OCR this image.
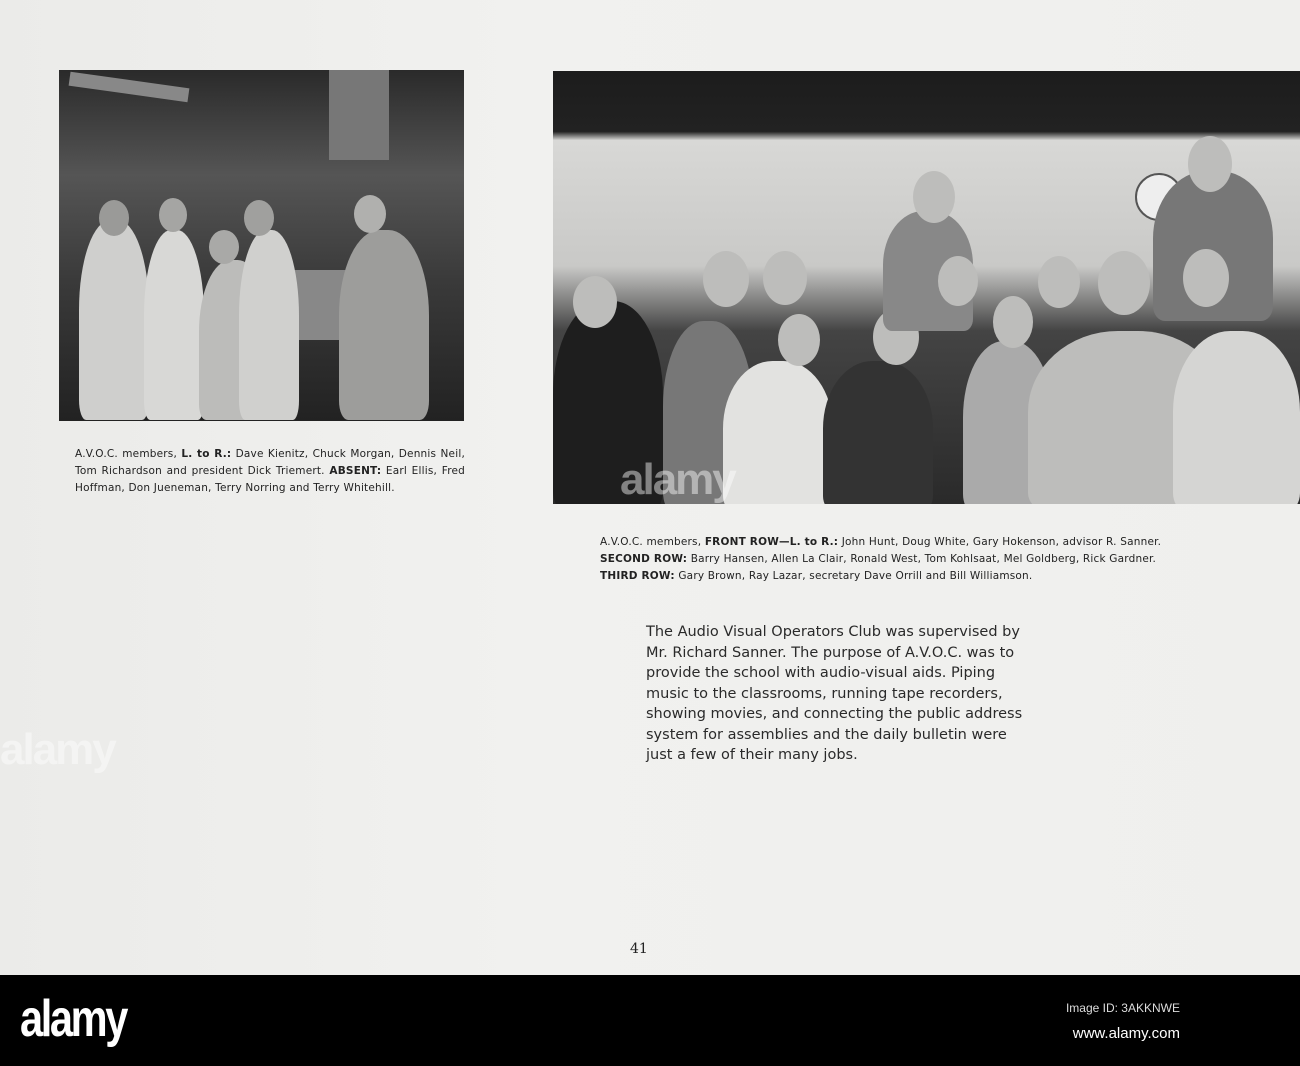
A.V.O.C. members, L. to R.: Dave Kienitz, Chuck Morgan, Dennis Neil, Tom Richardson and president Dick Triemert. ABSENT: Earl Ellis, Fred Hoffman, Don Jueneman, Terry Norring and Terry Whitehill.
A.V.O.C. members, FRONT ROW—L. to R.: John Hunt, Doug White, Gary Hokenson, advisor R. Sanner.
SECOND ROW: Barry Hansen, Allen La Clair, Ronald West, Tom Kohlsaat, Mel Goldberg, Rick Gardner.
THIRD ROW: Gary Brown, Ray Lazar, secretary Dave Orrill and Bill Williamson.
The Audio Visual Operators Club was supervised by Mr. Richard Sanner. The purpose of A.V.O.C. was to provide the school with audio-visual aids. Piping music to the classrooms, running tape recorders, showing movies, and connecting the public address system for assemblies and the daily bulletin were just a few of their many jobs.
41
alamy
alamy
alamy	Image ID: 3AKKNWE
www.alamy.com
